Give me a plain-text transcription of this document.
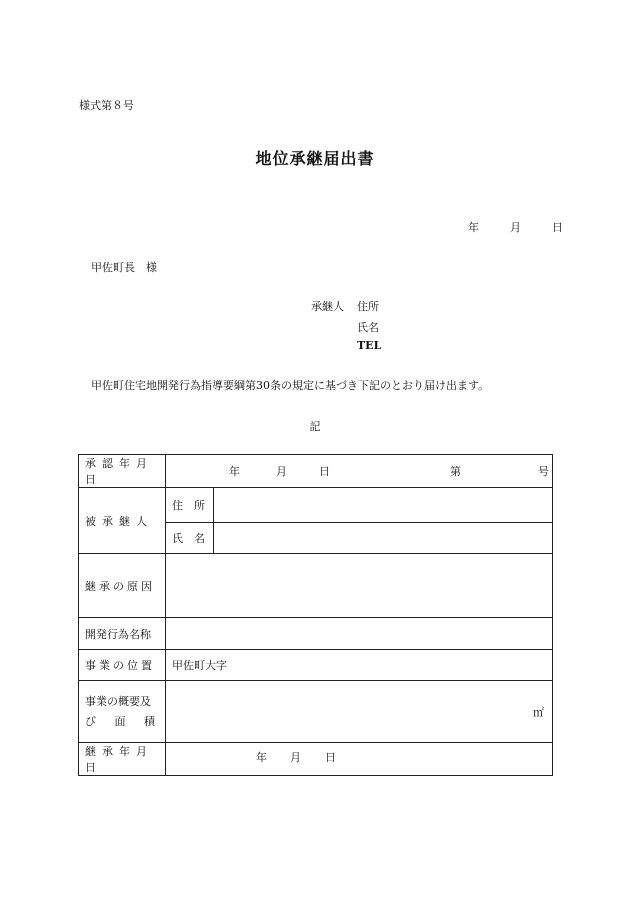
様式第８号
地位承継届出書
年	月	日
甲佐町長　様
承継人 住所
氏名
TEL
甲佐町住宅地開発行為指導要綱第30条の規定に基づき下記のとおり届け出ます。
記
承認年月日	年 月 日 第 号	

被承継人	住　所	
	氏　名	
継承の原因		
開発行為名称		
事業の位置	甲佐町大字	

事業の概要及
び 面 積	㎡	
継承年月日	年 月 日	
